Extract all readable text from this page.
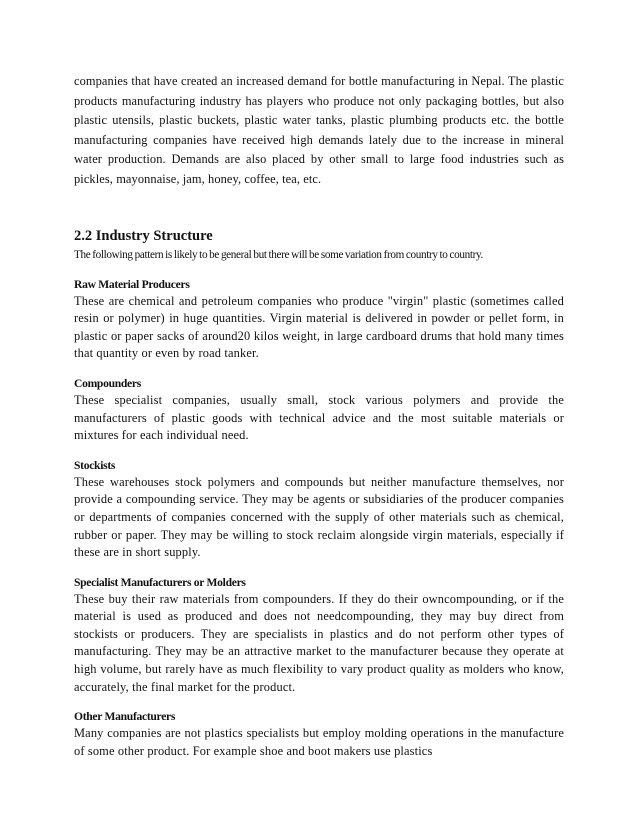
companies that have created an increased demand for bottle manufacturing in Nepal. The plastic products manufacturing industry has players who produce not only packaging bottles, but also plastic utensils, plastic buckets, plastic water tanks, plastic plumbing products etc. the bottle manufacturing companies have received high demands lately due to the increase in mineral water production. Demands are also placed by other small to large food industries such as pickles, mayonnaise, jam, honey, coffee, tea, etc.

2.2 Industry Structure

The following pattern is likely to be general but there will be some variation from country to country.

Raw Material Producers

These are chemical and petroleum companies who produce "virgin" plastic (sometimes called resin or polymer) in huge quantities. Virgin material is delivered in powder or pellet form, in plastic or paper sacks of around20 kilos weight, in large cardboard drums that hold many times that quantity or even by road tanker.

Compounders

These specialist companies, usually small, stock various polymers and provide the manufacturers of plastic goods with technical advice and the most suitable materials or mixtures for each individual need.

Stockists

These warehouses stock polymers and compounds but neither manufacture themselves, nor provide a compounding service. They may be agents or subsidiaries of the producer companies or departments of companies concerned with the supply of other materials such as chemical, rubber or paper. They may be willing to stock reclaim alongside virgin materials, especially if these are in short supply.

Specialist Manufacturers or Molders

These buy their raw materials from compounders. If they do their owncompounding, or if the material is used as produced and does not needcompounding, they may buy direct from stockists or producers. They are specialists in plastics and do not perform other types of manufacturing. They may be an attractive market to the manufacturer because they operate at high volume, but rarely have as much flexibility to vary product quality as molders who know, accurately, the final market for the product.

Other Manufacturers

Many companies are not plastics specialists but employ molding operations in the manufacture of some other product. For example shoe and boot makers use plastics
